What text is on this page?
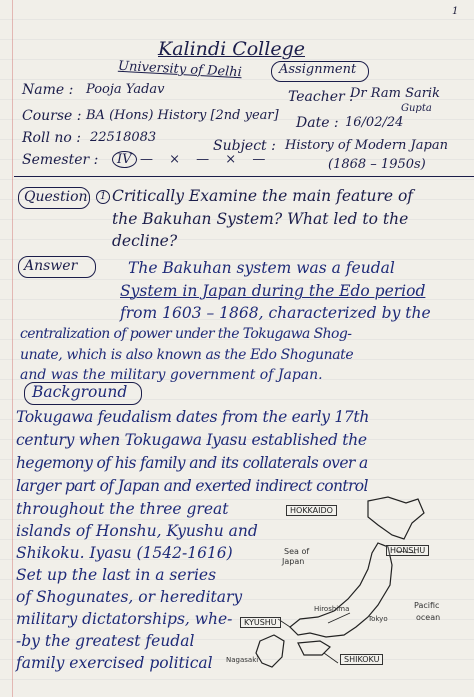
1
Kalindi College
University of Delhi	Assignment
Name : Pooja Yadav	Teacher :
Dr Ram Sarik
Gupta
Course : BA (Hons) History [2nd year] Date : 16/02/24
Roll no : 22518083
Subject : History of Modern Japan
(1868 – 1950s)
Semester :	IV — × — × —
Question	1 Critically Examine the main feature of
the Bakuhan System? What led to the
decline?
Answer	The Bakuhan system was a feudal
System in Japan during the Edo period
from 1603 – 1868, characterized by the
centralization of power under the Tokugawa Shog-
unate, which is also known as the Edo Shogunate
and was the military government of Japan.
Background
Tokugawa feudalism dates from the early 17th
century when Tokugawa Iyasu established the
hegemony of his family and its collaterals over a
larger part of Japan and exerted indirect control
throughout the three great
islands of Honshu, Kyushu and
Shikoku. Iyasu (1542-1616)
Set up the last in a series
of Shogunates, or hereditary
military dictatorships, whe-
-by the greatest feudal
family exercised political
HOKKAIDO
Sea of
Japan
HONSHU
Hiroshima
Tokyo
KYUSHU
Pacific
ocean
Nagasaki	SHIKOKU
